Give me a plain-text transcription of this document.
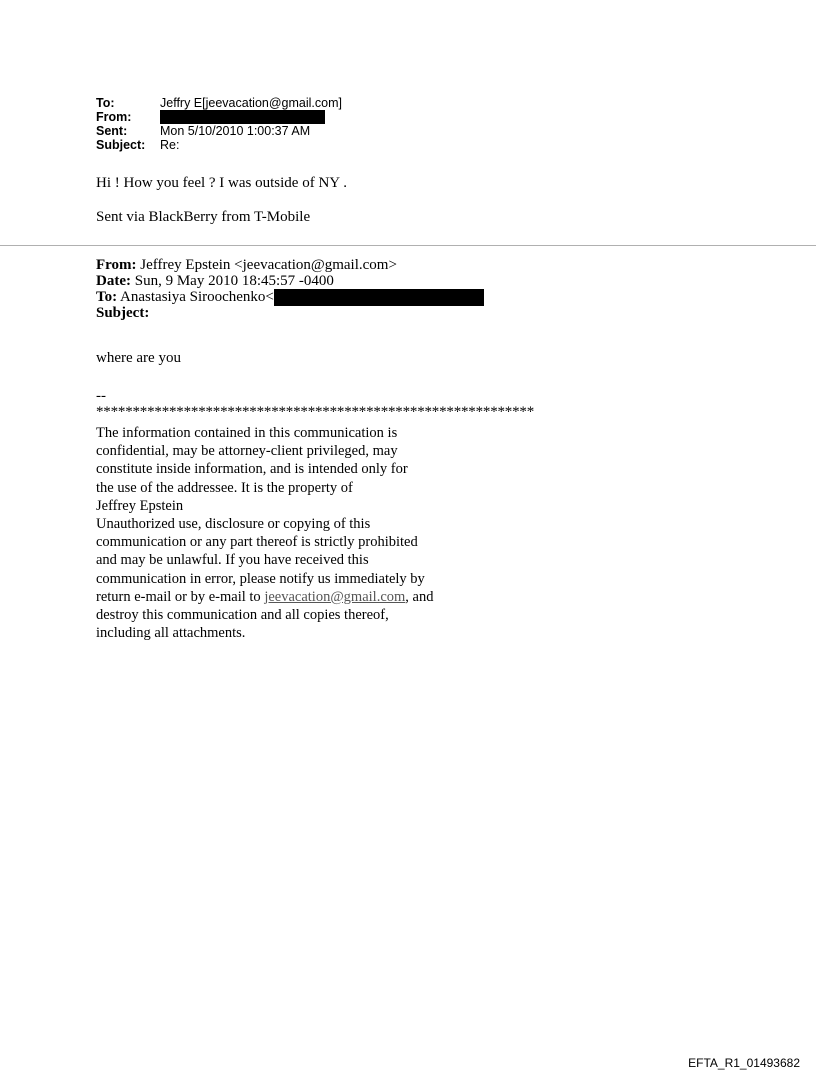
To:	Jeffry E[jeevacation@gmail.com]
From:
Sent:	Mon 5/10/2010 1:00:37 AM
Subject:	Re:
Hi ! How you feel ? I was outside of NY .
Sent via BlackBerry from T-Mobile
From: Jeffrey Epstein <jeevacation@gmail.com>
Date: Sun, 9 May 2010 18:45:57 -0400
To: Anastasiya Siroochenko<
Subject:
where are you
--
************************************************************
The information contained in this communication is
confidential, may be attorney-client privileged, may
constitute inside information, and is intended only for
the use of the addressee. It is the property of
Jeffrey Epstein
Unauthorized use, disclosure or copying of this
communication or any part thereof is strictly prohibited
and may be unlawful. If you have received this
communication in error, please notify us immediately by
return e-mail or by e-mail to jeevacation@gmail.com, and
destroy this communication and all copies thereof,
including all attachments.
EFTA_R1_01493682
